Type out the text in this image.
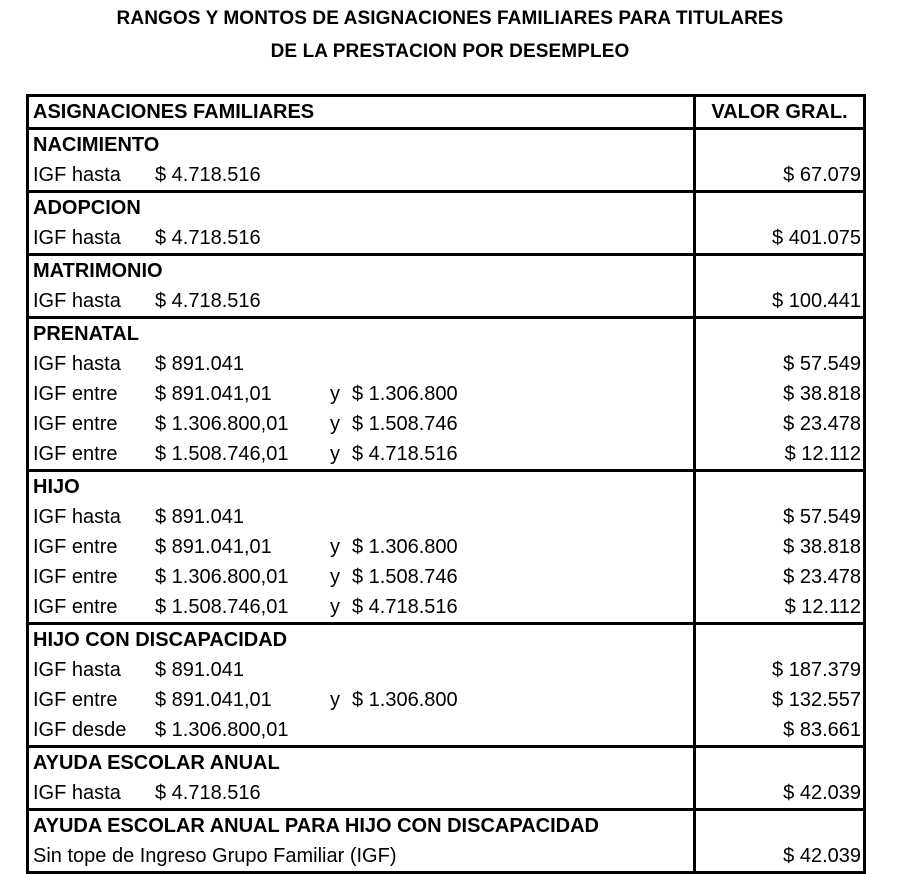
RANGOS Y MONTOS DE ASIGNACIONES FAMILIARES PARA TITULARES
DE LA PRESTACION POR DESEMPLEO
ASIGNACIONES FAMILIARES	VALOR GRAL.
NACIMIENTO
IGF hasta $ 4.718.516	$ 67.079
ADOPCION
IGF hasta $ 4.718.516	$ 401.075
MATRIMONIO
IGF hasta $ 4.718.516	$ 100.441
PRENATAL
IGF hasta $ 891.041	$ 57.549
IGF entre $ 891.041,01	y $ 1.306.800	$ 38.818
IGF entre $ 1.306.800,01 y $ 1.508.746	$ 23.478
IGF entre $ 1.508.746,01 y $ 4.718.516	$ 12.112
HIJO
IGF hasta $ 891.041	$ 57.549
IGF entre $ 891.041,01	y $ 1.306.800	$ 38.818
IGF entre $ 1.306.800,01 y $ 1.508.746	$ 23.478
IGF entre $ 1.508.746,01 y $ 4.718.516	$ 12.112
HIJO CON DISCAPACIDAD
IGF hasta $ 891.041	$ 187.379
IGF entre $ 891.041,01	y $ 1.306.800	$ 132.557
IGF desde $ 1.306.800,01	$ 83.661
AYUDA ESCOLAR ANUAL
IGF hasta $ 4.718.516	$ 42.039
AYUDA ESCOLAR ANUAL PARA HIJO CON DISCAPACIDAD
Sin tope de Ingreso Grupo Familiar (IGF)	$ 42.039
